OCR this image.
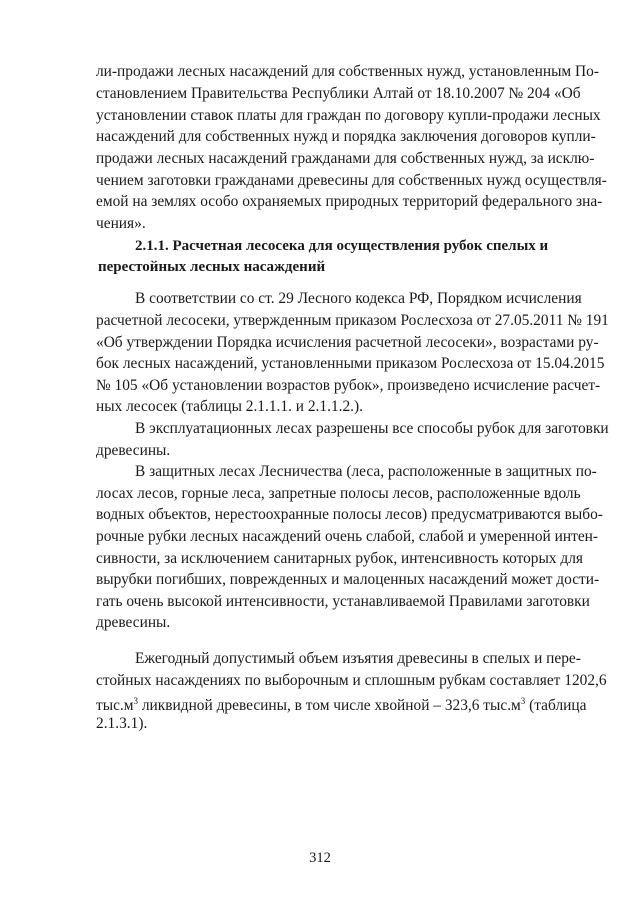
ли-продажи лесных насаждений для собственных нужд, установленным По-
становлением Правительства Республики Алтай от 18.10.2007 № 204 «Об
установлении ставок платы для граждан по договору купли-продажи лесных
насаждений для собственных нужд и порядка заключения договоров купли-
продажи лесных насаждений гражданами для собственных нужд, за исклю-
чением заготовки гражданами древесины для собственных нужд осуществля-
емой на землях особо охраняемых природных территорий федерального зна-
чения».
2.1.1. Расчетная лесосека для осуществления рубок спелых и
перестойных лесных насаждений
В соответствии со ст. 29 Лесного кодекса РФ, Порядком исчисления
расчетной лесосеки, утвержденным приказом Рослесхоза от 27.05.2011 № 191
«Об утверждении Порядка исчисления расчетной лесосеки», возрастами ру-
бок лесных насаждений, установленными приказом Рослесхоза от 15.04.2015
№ 105 «Об установлении возрастов рубок», произведено исчисление расчет-
ных лесосек (таблицы 2.1.1.1. и 2.1.1.2.).
В эксплуатационных лесах разрешены все способы рубок для заготовки
древесины.
В защитных лесах Лесничества (леса, расположенные в защитных по-
лосах лесов, горные леса, запретные полосы лесов, расположенные вдоль
водных объектов, нерестоохранные полосы лесов) предусматриваются выбо-
рочные рубки лесных насаждений очень слабой, слабой и умеренной интен-
сивности, за исключением санитарных рубок, интенсивность которых для
вырубки погибших, поврежденных и малоценных насаждений может дости-
гать очень высокой интенсивности, устанавливаемой Правилами заготовки
древесины.
Ежегодный допустимый объем изъятия древесины в спелых и пере-
стойных насаждениях по выборочным и сплошным рубкам составляет 1202,6
$тыс.м^3$ ликвидной древесины, в том числе хвойной – 323,6 $тыс.м^3$ (таблица
2.1.3.1).
312
